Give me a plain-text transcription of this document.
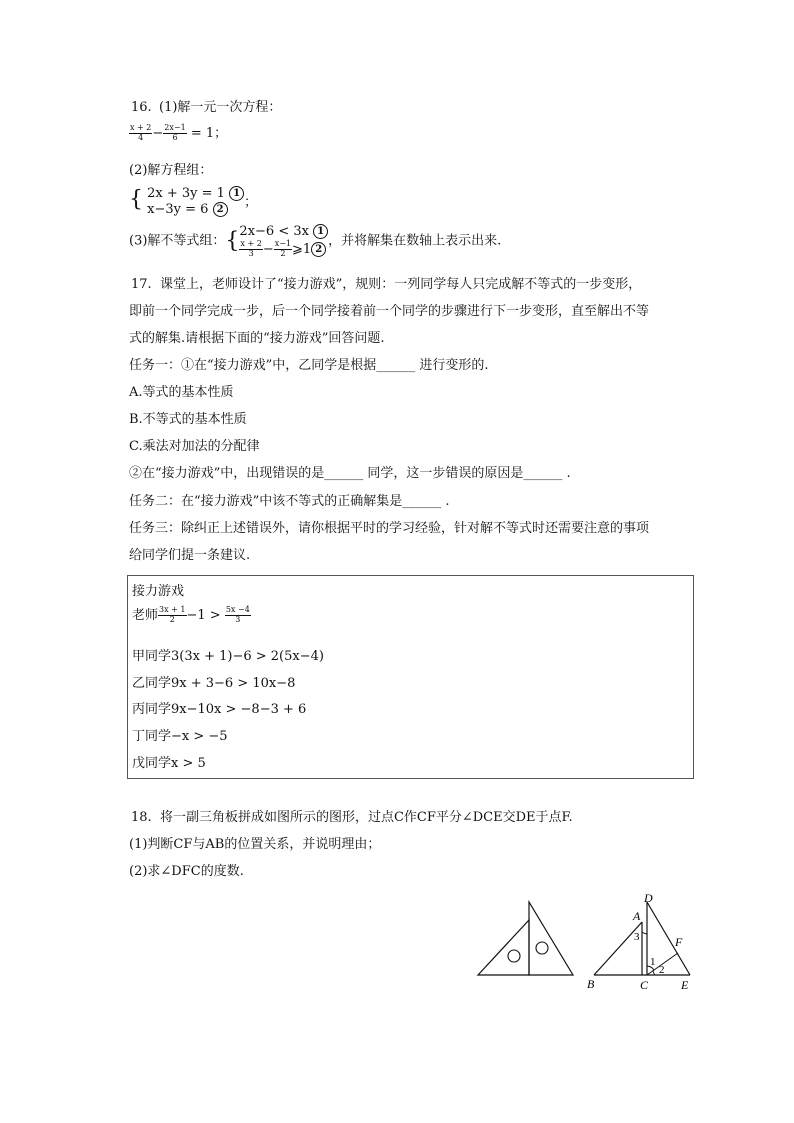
16. (1)解一元一次方程：
$\frac{x + 2}{4} - \frac{2x-1}{6} = 1$；
(2)解方程组：
{ 2x + 3y = 1 1
x−3y = 6 2	；
(3)解不等式组：{ 2x−6 < 3x 1
$\frac{x + 2}{3} - \frac{x-1}{2}$ ⩾1 2
，并将解集在数轴上表示出来.
17. 课堂上，老师设计了“接力游戏”，规则：一列同学每人只完成解不等式的一步变形，
即前一个同学完成一步，后一个同学接着前一个同学的步骤进行下一步变形，直至解出不等
式的解集.请根据下面的“接力游戏”回答问题.
任务一：①在“接力游戏”中，乙同学是根据______ 进行变形的.
A.等式的基本性质
B.不等式的基本性质
C.乘法对加法的分配律
②在“接力游戏”中，出现错误的是______ 同学，这一步错误的原因是______ .
任务二：在“接力游戏”中该不等式的正确解集是______ .
任务三：除纠正上述错误外，请你根据平时的学习经验，针对解不等式时还需要注意的事项
给同学们提一条建议.
接力游戏
老师 $\frac{3x + 1}{2} -1 > \frac{5x -4}{3}$
甲同学3(3x + 1)−6 > 2(5x−4)
乙同学9x + 3−6 > 10x−8
丙同学9x−10x > −8−3 + 6
丁同学−x > −5
戊同学x > 5
18. 将一副三角板拼成如图所示的图形，过点C作CF平分∠DCE交DE于点F.
(1)判断CF与AB的位置关系，并说明理由；
(2)求∠DFC的度数.
D
A
F
B	C	E
1
2
3
